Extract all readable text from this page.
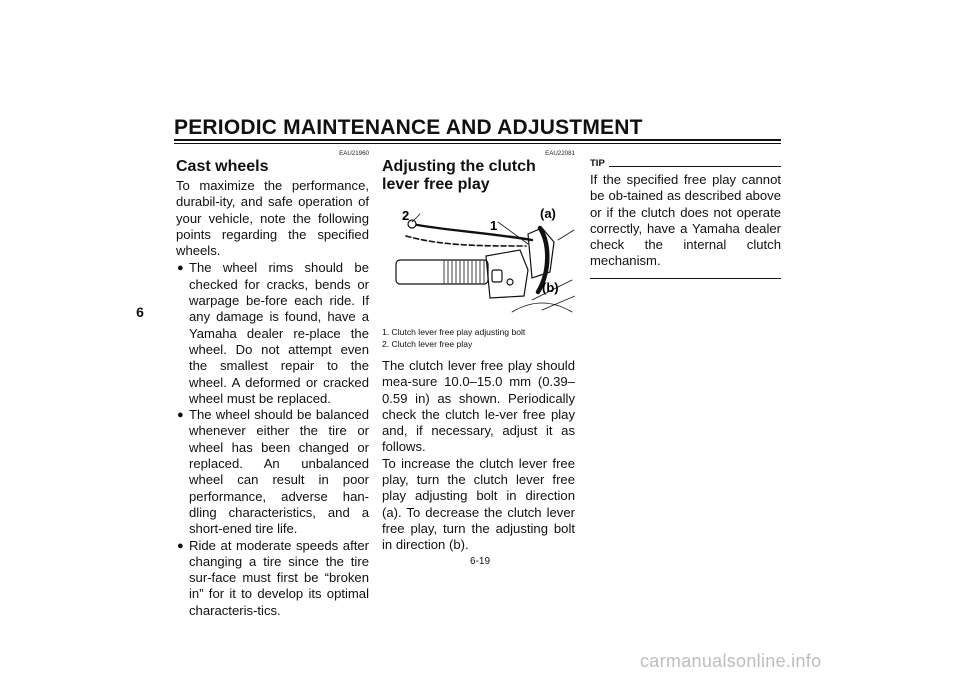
PERIODIC MAINTENANCE AND ADJUSTMENT
6
EAU21960
Cast wheels

To maximize the performance, durabil-ity, and safe operation of your vehicle, note the following points regarding the specified wheels.

● The wheel rims should be checked for cracks, bends or warpage be-fore each ride. If any damage is found, have a Yamaha dealer re-place the wheel. Do not attempt even the smallest repair to the wheel. A deformed or cracked wheel must be replaced.
● The wheel should be balanced whenever either the tire or wheel has been changed or replaced. An unbalanced wheel can result in poor performance, adverse han-dling characteristics, and a short-ened tire life.
● Ride at moderate speeds after changing a tire since the tire sur-face must first be “broken in” for it to develop its optimal characteris-tics.
EAU22081
Adjusting the clutch lever free play
2
1
(a)
(b)
1. Clutch lever free play adjusting bolt
2. Clutch lever free play

The clutch lever free play should mea-sure 10.0–15.0 mm (0.39–0.59 in) as shown. Periodically check the clutch le-ver free play and, if necessary, adjust it as follows.

To increase the clutch lever free play, turn the clutch lever free play adjusting bolt in direction (a). To decrease the clutch lever free play, turn the adjusting bolt in direction (b).

TIP

If the specified free play cannot be ob-tained as described above or if the clutch does not operate correctly, have a Yamaha dealer check the internal clutch mechanism.

6-19
carmanualsonline.info
